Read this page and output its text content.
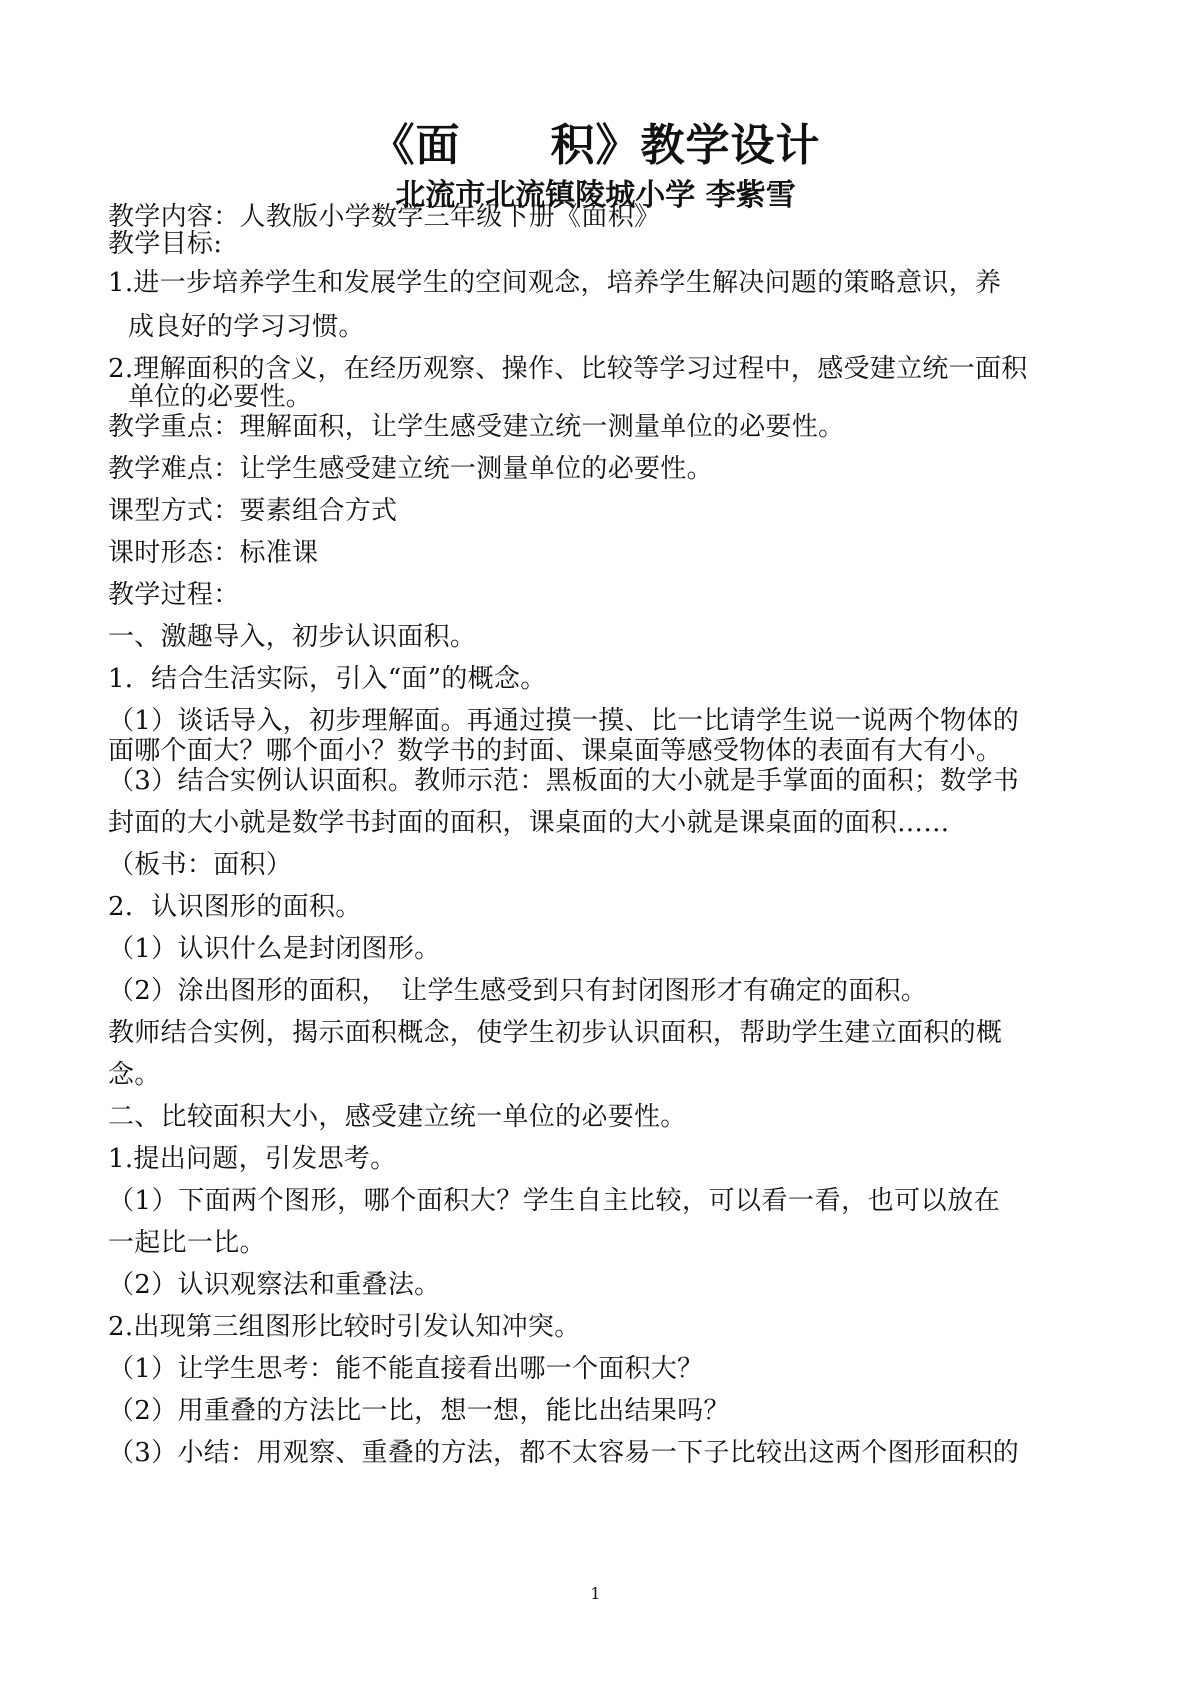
《面　　积》教学设计
北流市北流镇陵城小学 李紫雪
教学内容：人教版小学数学三年级下册《面积》
教学目标:
1.进一步培养学生和发展学生的空间观念，培养学生解决问题的策略意识，养
成良好的学习习惯。
2.理解面积的含义，在经历观察、操作、比较等学习过程中，感受建立统一面积
单位的必要性。
教学重点：理解面积，让学生感受建立统一测量单位的必要性。
教学难点：让学生感受建立统一测量单位的必要性。
课型方式：要素组合方式
课时形态：标准课
教学过程：
一、激趣导入，初步认识面积。
1．结合生活实际，引入“面”的概念。
（1）谈话导入，初步理解面。再通过摸一摸、比一比请学生说一说两个物体的
面哪个面大？哪个面小？数学书的封面、课桌面等感受物体的表面有大有小。
（3）结合实例认识面积。教师示范：黑板面的大小就是手掌面的面积；数学书
封面的大小就是数学书封面的面积，课桌面的大小就是课桌面的面积……
（板书：面积）
2．认识图形的面积。
（1）认识什么是封闭图形。
（2）涂出图形的面积，　让学生感受到只有封闭图形才有确定的面积。
教师结合实例，揭示面积概念，使学生初步认识面积，帮助学生建立面积的概
念。
二、比较面积大小，感受建立统一单位的必要性。
1.提出问题，引发思考。
（1）下面两个图形，哪个面积大？学生自主比较，可以看一看，也可以放在
一起比一比。
（2）认识观察法和重叠法。
2.出现第三组图形比较时引发认知冲突。
（1）让学生思考：能不能直接看出哪一个面积大？
（2）用重叠的方法比一比，想一想，能比出结果吗？
（3）小结：用观察、重叠的方法，都不太容易一下子比较出这两个图形面积的
1
